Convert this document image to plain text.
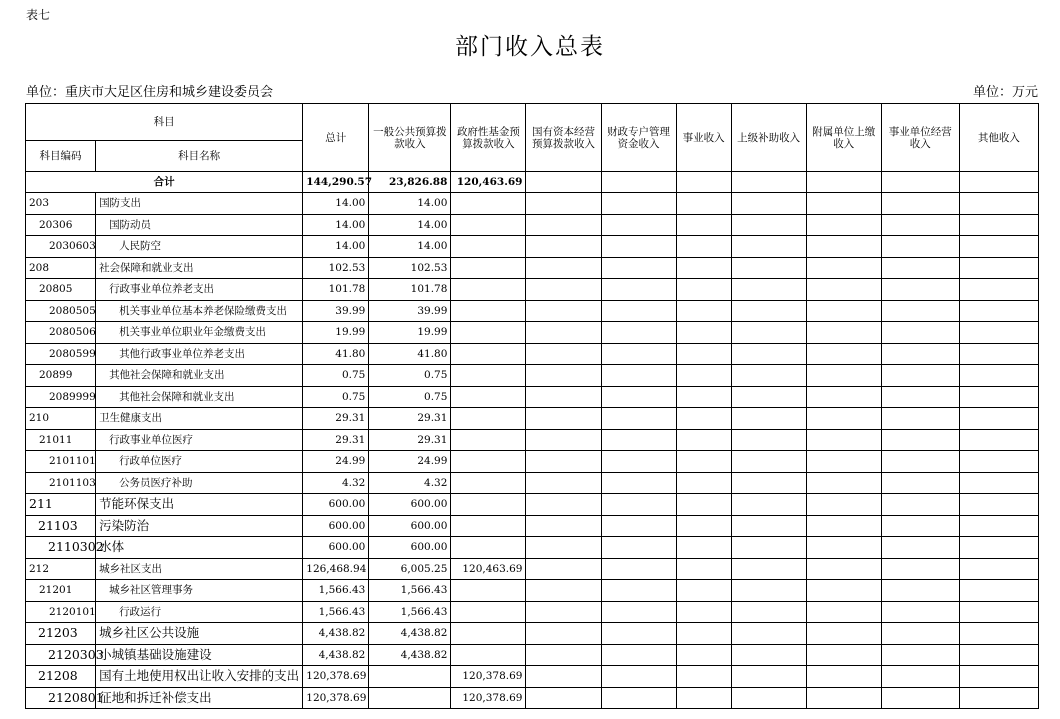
表七
部门收入总表
单位：重庆市大足区住房和城乡建设委员会	单位：万元
科目		总计	一般公共预算拨款收入	政府性基金预算拨款收入	国有资本经营预算拨款收入	财政专户管理资金收入	事业收入	上级补助收入	附属单位上缴收入	事业单位经营收入	其他收入
科目编码	科目名称										
合计		144,290.57	23,826.88	120,463.69							
203	国防支出	14.00	14.00								
20306	国防动员	14.00	14.00								
2030603	人民防空	14.00	14.00								
208	社会保障和就业支出	102.53	102.53								
20805	行政事业单位养老支出	101.78	101.78								
2080505	机关事业单位基本养老保险缴费支出	39.99	39.99								
2080506	机关事业单位职业年金缴费支出	19.99	19.99								
2080599	其他行政事业单位养老支出	41.80	41.80								
20899	其他社会保障和就业支出	0.75	0.75								
2089999	其他社会保障和就业支出	0.75	0.75								
210	卫生健康支出	29.31	29.31								
21011	行政事业单位医疗	29.31	29.31								
2101101	行政单位医疗	24.99	24.99								
2101103	公务员医疗补助	4.32	4.32								
211	节能环保支出	600.00	600.00								
21103	污染防治	600.00	600.00								
2110302	水体	600.00	600.00								
212	城乡社区支出	126,468.94	6,005.25	120,463.69							
21201	城乡社区管理事务	1,566.43	1,566.43								
2120101	行政运行	1,566.43	1,566.43								
21203	城乡社区公共设施	4,438.82	4,438.82								
2120303	小城镇基础设施建设	4,438.82	4,438.82								
21208	国有土地使用权出让收入安排的支出	120,378.69		120,378.69							
2120801	征地和拆迁补偿支出	120,378.69		120,378.69							
